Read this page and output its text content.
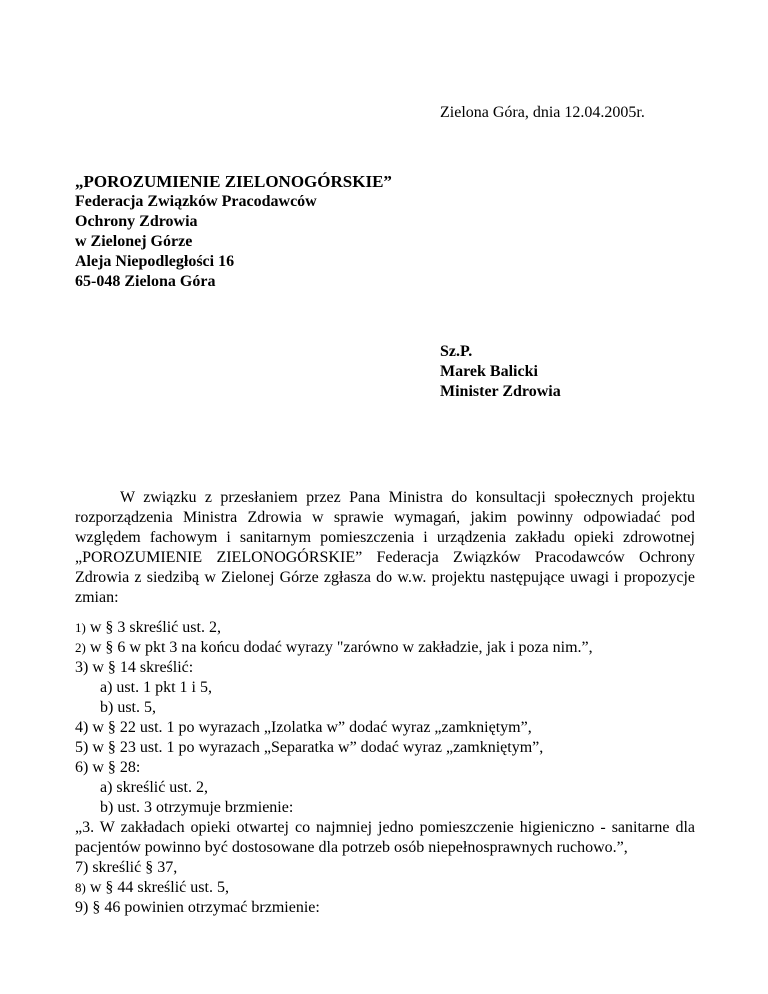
Zielona Góra, dnia 12.04.2005r.
„POROZUMIENIE ZIELONOGÓRSKIE”
Federacja Związków Pracodawców
Ochrony Zdrowia
w Zielonej Górze
Aleja Niepodległości 16
65-048 Zielona Góra
Sz.P.
Marek Balicki
Minister Zdrowia

W związku z przesłaniem przez Pana Ministra do konsultacji społecznych projektu rozporządzenia Ministra Zdrowia w sprawie wymagań, jakim powinny odpowiadać pod względem fachowym i sanitarnym pomieszczenia i urządzenia zakładu opieki zdrowotnej „POROZUMIENIE ZIELONOGÓRSKIE” Federacja Związków Pracodawców Ochrony Zdrowia z siedzibą w Zielonej Górze zgłasza do w.w. projektu następujące uwagi i propozycje zmian:

1) w § 3 skreślić ust. 2,
2) w § 6 w pkt 3 na końcu dodać wyrazy "zarówno w zakładzie, jak i poza nim.”,
3) w § 14 skreślić:
a) ust. 1 pkt 1 i 5,
b) ust. 5,
4) w § 22 ust. 1 po wyrazach „Izolatka w” dodać wyraz „zamkniętym”,
5) w § 23 ust. 1 po wyrazach „Separatka w” dodać wyraz „zamkniętym”,
6) w § 28:
a) skreślić ust. 2,
b) ust. 3 otrzymuje brzmienie:
„3. W zakładach opieki otwartej co najmniej jedno pomieszczenie higieniczno - sanitarne dla pacjentów powinno być dostosowane dla potrzeb osób niepełnosprawnych ruchowo.”,
7) skreślić § 37,
8) w § 44 skreślić ust. 5,
9) § 46 powinien otrzymać brzmienie:
